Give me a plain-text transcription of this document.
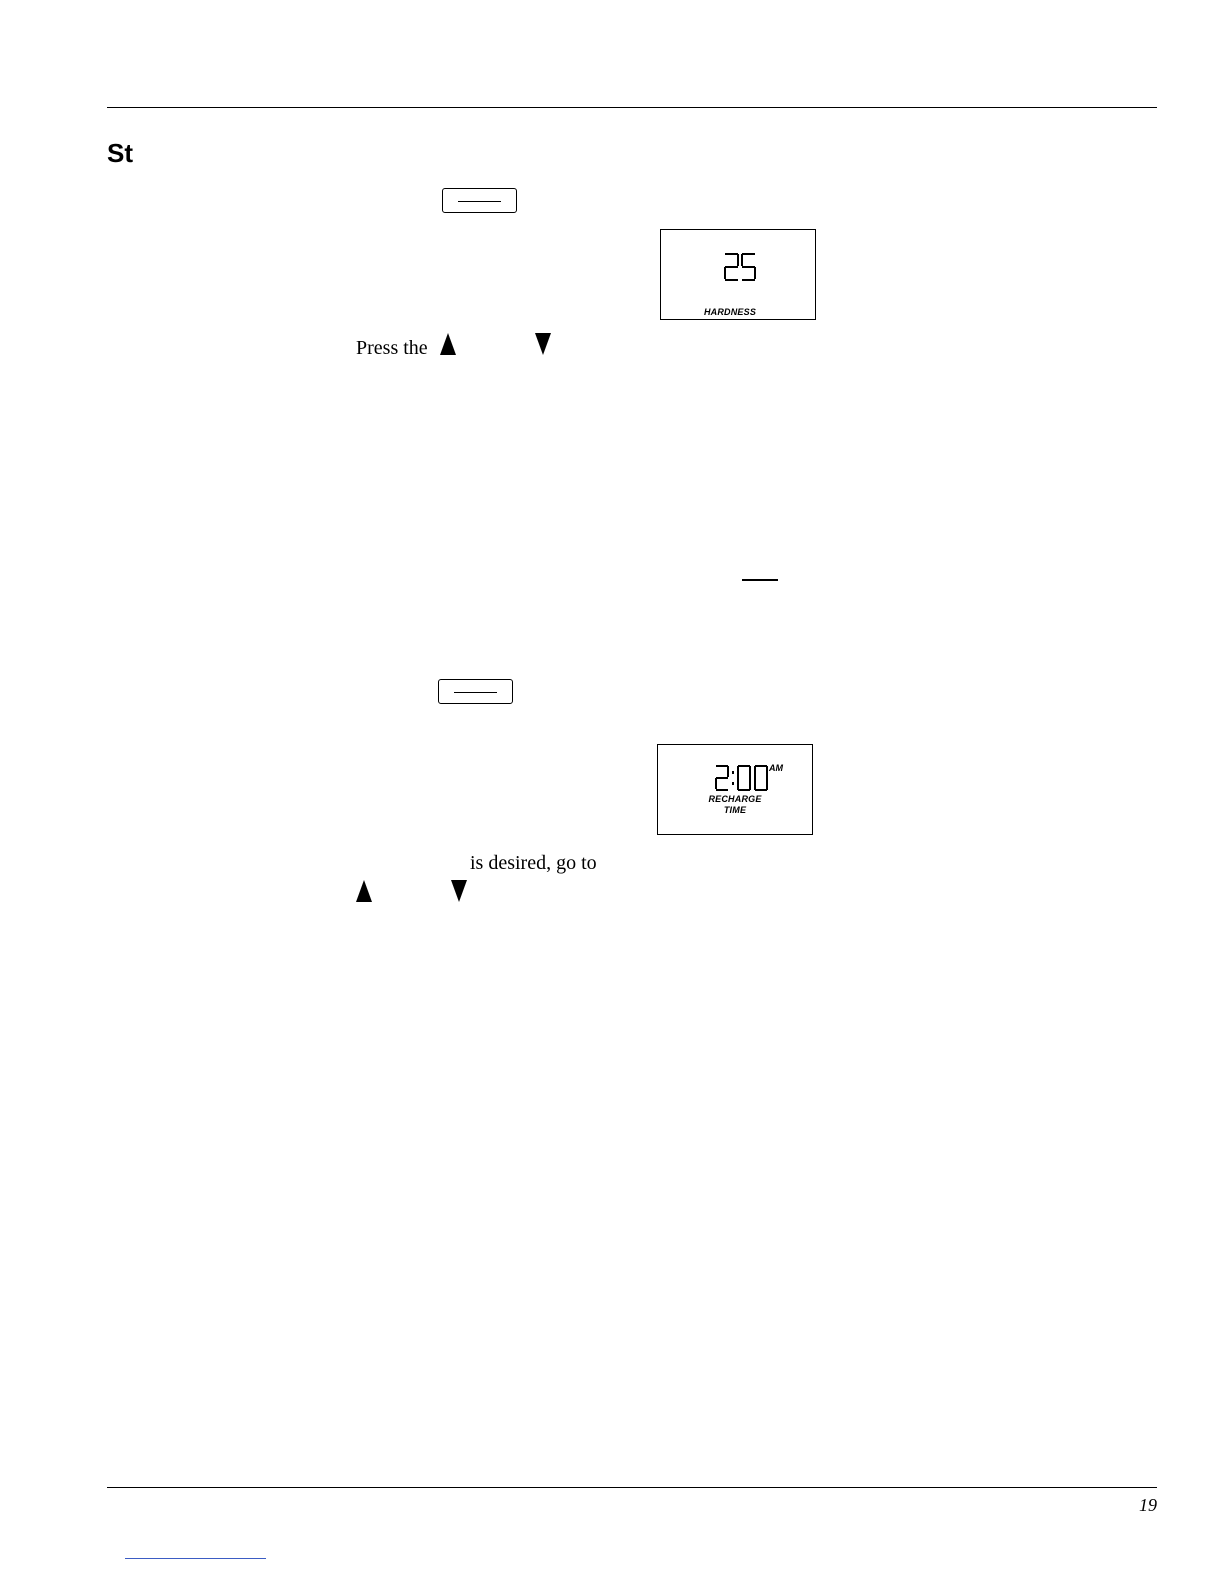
St
HARDNESS
Press the
AM
RECHARGE
TIME
is desired, go to
19
